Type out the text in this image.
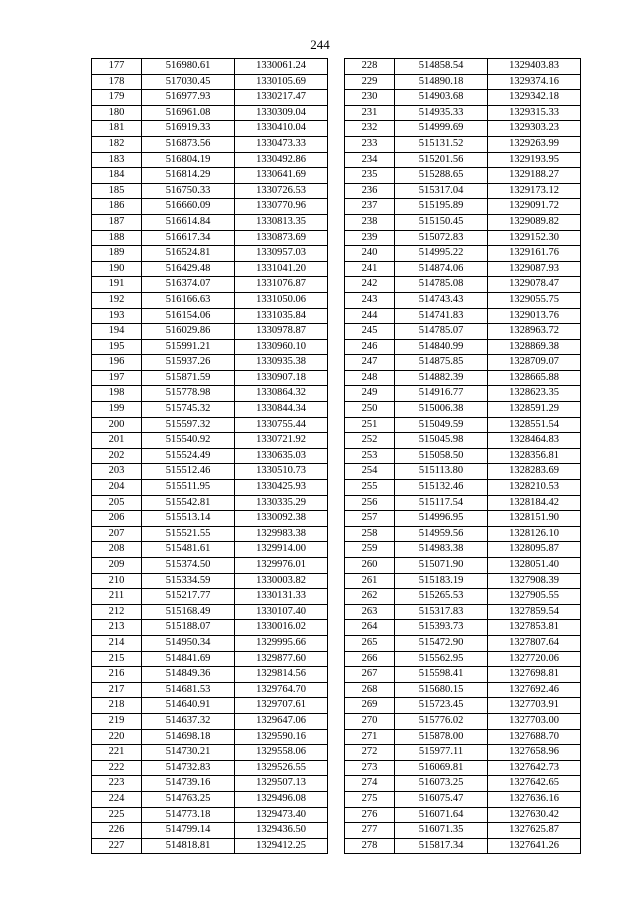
244
177	516980.61	1330061.24
178	517030.45	1330105.69
179	516977.93	1330217.47
180	516961.08	1330309.04
181	516919.33	1330410.04
182	516873.56	1330473.33
183	516804.19	1330492.86
184	516814.29	1330641.69
185	516750.33	1330726.53
186	516660.09	1330770.96
187	516614.84	1330813.35
188	516617.34	1330873.69
189	516524.81	1330957.03
190	516429.48	1331041.20
191	516374.07	1331076.87
192	516166.63	1331050.06
193	516154.06	1331035.84
194	516029.86	1330978.87
195	515991.21	1330960.10
196	515937.26	1330935.38
197	515871.59	1330907.18
198	515778.98	1330864.32
199	515745.32	1330844.34
200	515597.32	1330755.44
201	515540.92	1330721.92
202	515524.49	1330635.03
203	515512.46	1330510.73
204	515511.95	1330425.93
205	515542.81	1330335.29
206	515513.14	1330092.38
207	515521.55	1329983.38
208	515481.61	1329914.00
209	515374.50	1329976.01
210	515334.59	1330003.82
211	515217.77	1330131.33
212	515168.49	1330107.40
213	515188.07	1330016.02
214	514950.34	1329995.66
215	514841.69	1329877.60
216	514849.36	1329814.56
217	514681.53	1329764.70
218	514640.91	1329707.61
219	514637.32	1329647.06
220	514698.18	1329590.16
221	514730.21	1329558.06
222	514732.83	1329526.55
223	514739.16	1329507.13
224	514763.25	1329496.08
225	514773.18	1329473.40
226	514799.14	1329436.50
227	514818.81	1329412.25
228	514858.54	1329403.83
229	514890.18	1329374.16
230	514903.68	1329342.18
231	514935.33	1329315.33
232	514999.69	1329303.23
233	515131.52	1329263.99
234	515201.56	1329193.95
235	515288.65	1329188.27
236	515317.04	1329173.12
237	515195.89	1329091.72
238	515150.45	1329089.82
239	515072.83	1329152.30
240	514995.22	1329161.76
241	514874.06	1329087.93
242	514785.08	1329078.47
243	514743.43	1329055.75
244	514741.83	1329013.76
245	514785.07	1328963.72
246	514840.99	1328869.38
247	514875.85	1328709.07
248	514882.39	1328665.88
249	514916.77	1328623.35
250	515006.38	1328591.29
251	515049.59	1328551.54
252	515045.98	1328464.83
253	515058.50	1328356.81
254	515113.80	1328283.69
255	515132.46	1328210.53
256	515117.54	1328184.42
257	514996.95	1328151.90
258	514959.56	1328126.10
259	514983.38	1328095.87
260	515071.90	1328051.40
261	515183.19	1327908.39
262	515265.53	1327905.55
263	515317.83	1327859.54
264	515393.73	1327853.81
265	515472.90	1327807.64
266	515562.95	1327720.06
267	515598.41	1327698.81
268	515680.15	1327692.46
269	515723.45	1327703.91
270	515776.02	1327703.00
271	515878.00	1327688.70
272	515977.11	1327658.96
273	516069.81	1327642.73
274	516073.25	1327642.65
275	516075.47	1327636.16
276	516071.64	1327630.42
277	516071.35	1327625.87
278	515817.34	1327641.26
